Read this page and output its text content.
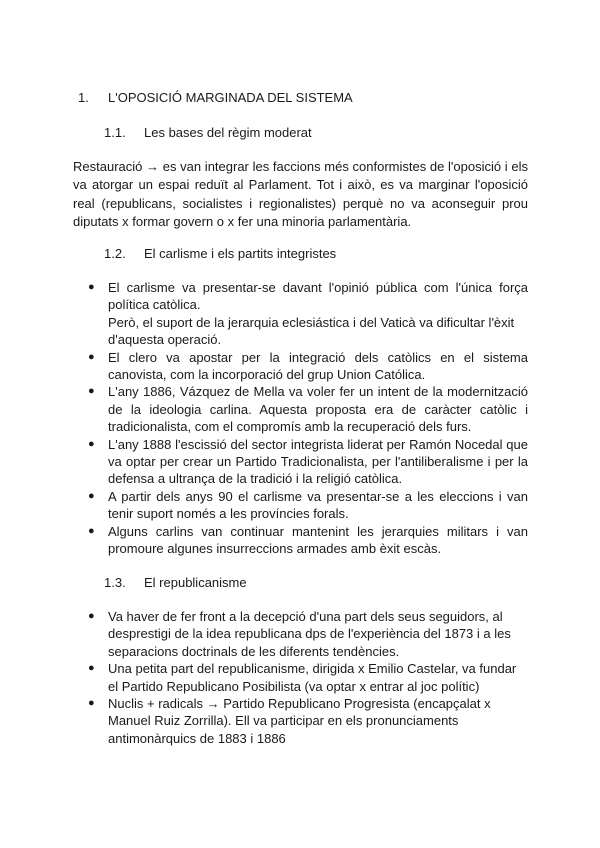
1. L'OPOSICIÓ MARGINADA DEL SISTEMA
1.1. Les bases del règim moderat
Restauració → es van integrar les faccions més conformistes de l'oposició i els va atorgar un espai reduït al Parlament. Tot i això, es va marginar l'oposició real (republicans, socialistes i regionalistes) perquè no va aconseguir prou diputats x formar govern o x fer una minoria parlamentària.
1.2. El carlisme i els partits integristes
● El carlisme va presentar-se davant l'opinió pública com l'única força política catòlica.
Però, el suport de la jerarquia eclesiástica i del Vaticà va dificultar l'èxit d'aquesta operació.
● El clero va apostar per la integració dels catòlics en el sistema canovista, com la incorporació del grup Union Católica.
● L'any 1886, Vázquez de Mella va voler fer un intent de la modernització de la ideologia carlina. Aquesta proposta era de caràcter catòlic i tradicionalista, com el compromís amb la recuperació dels furs.
● L'any 1888 l'escissió del sector integrista liderat per Ramón Nocedal que va optar per crear un Partido Tradicionalista, per l'antiliberalisme i per la defensa a ultrança de la tradició i la religió catòlica.
● A partir dels anys 90 el carlisme va presentar-se a les eleccions i van tenir suport només a les províncies forals.
● Alguns carlins van continuar mantenint les jerarquies militars i van promoure algunes insurreccions armades amb èxit escàs.
1.3. El republicanisme
● Va haver de fer front a la decepció d'una part dels seus seguidors, al desprestigi de la idea republicana dps de l'experiència del 1873 i a les separacions doctrinals de les diferents tendències.
● Una petita part del republicanisme, dirigida x Emilio Castelar, va fundar el Partido Republicano Posibilista (va optar x entrar al joc polític)
● Nuclis + radicals → Partido Republicano Progresista (encapçalat x Manuel Ruiz Zorrilla). Ell va participar en els pronunciaments antimonàrquics de 1883 i 1886
